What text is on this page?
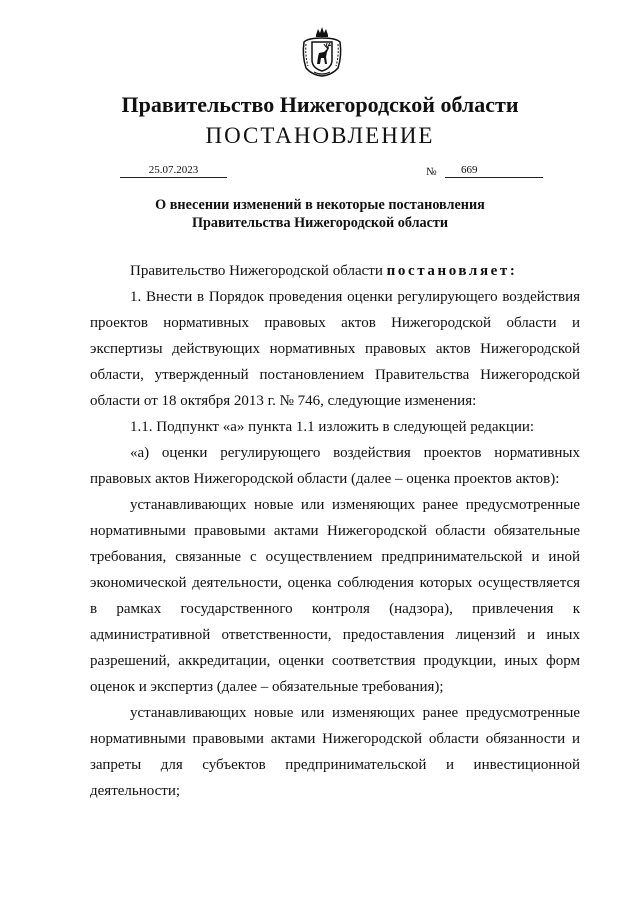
Правительство Нижегородской области
ПОСТАНОВЛЕНИЕ
25.07.2023	№	669
О внесении изменений в некоторые постановления
Правительства Нижегородской области

Правительство Нижегородской области постановляет:

1. Внести в Порядок проведения оценки регулирующего воздействия проектов нормативных правовых актов Нижегородской области и экспертизы действующих нормативных правовых актов Нижегородской области, утвержденный постановлением Правительства Нижегородской области от 18 октября 2013 г. № 746, следующие изменения:

1.1. Подпункт «а» пункта 1.1 изложить в следующей редакции:

«а) оценки регулирующего воздействия проектов нормативных правовых актов Нижегородской области (далее – оценка проектов актов):

устанавливающих новые или изменяющих ранее предусмотренные нормативными правовыми актами Нижегородской области обязательные требования, связанные с осуществлением предпринимательской и иной экономической деятельности, оценка соблюдения которых осуществляется в рамках государственного контроля (надзора), привлечения к административной ответственности, предоставления лицензий и иных разрешений, аккредитации, оценки соответствия продукции, иных форм оценок и экспертиз (далее – обязательные требования);

устанавливающих новые или изменяющих ранее предусмотренные нормативными правовыми актами Нижегородской области обязанности и запреты для субъектов предпринимательской и инвестиционной деятельности;
